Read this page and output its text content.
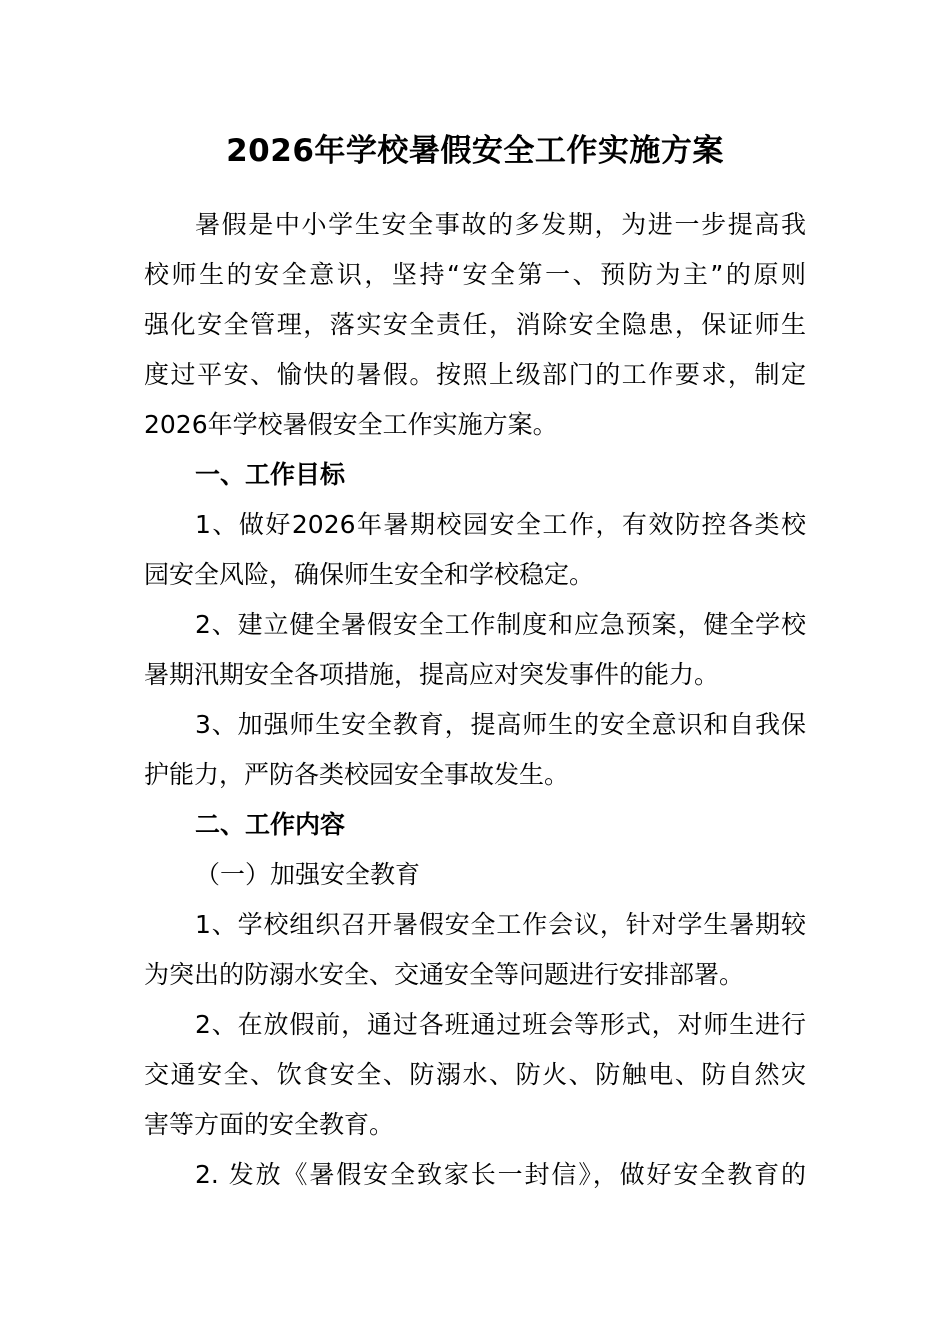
2026年学校暑假安全工作实施方案
暑假是中小学生安全事故的多发期，为进一步提高我
校师生的安全意识，坚持“安全第一、预防为主”的原则
强化安全管理，落实安全责任，消除安全隐患，保证师生
度过平安、愉快的暑假。按照上级部门的工作要求，制定
2026年学校暑假安全工作实施方案。
一、工作目标
1、做好2026年暑期校园安全工作，有效防控各类校
园安全风险，确保师生安全和学校稳定。
2、建立健全暑假安全工作制度和应急预案，健全学校
暑期汛期安全各项措施，提高应对突发事件的能力。
3、加强师生安全教育，提高师生的安全意识和自我保
护能力，严防各类校园安全事故发生。
二、工作内容
（一）加强安全教育
1、学校组织召开暑假安全工作会议，针对学生暑期较
为突出的防溺水安全、交通安全等问题进行安排部署。
2、在放假前，通过各班通过班会等形式，对师生进行
交通安全、饮食安全、防溺水、防火、防触电、防自然灾
害等方面的安全教育。
2. 发放《暑假安全致家长一封信》，做好安全教育的
